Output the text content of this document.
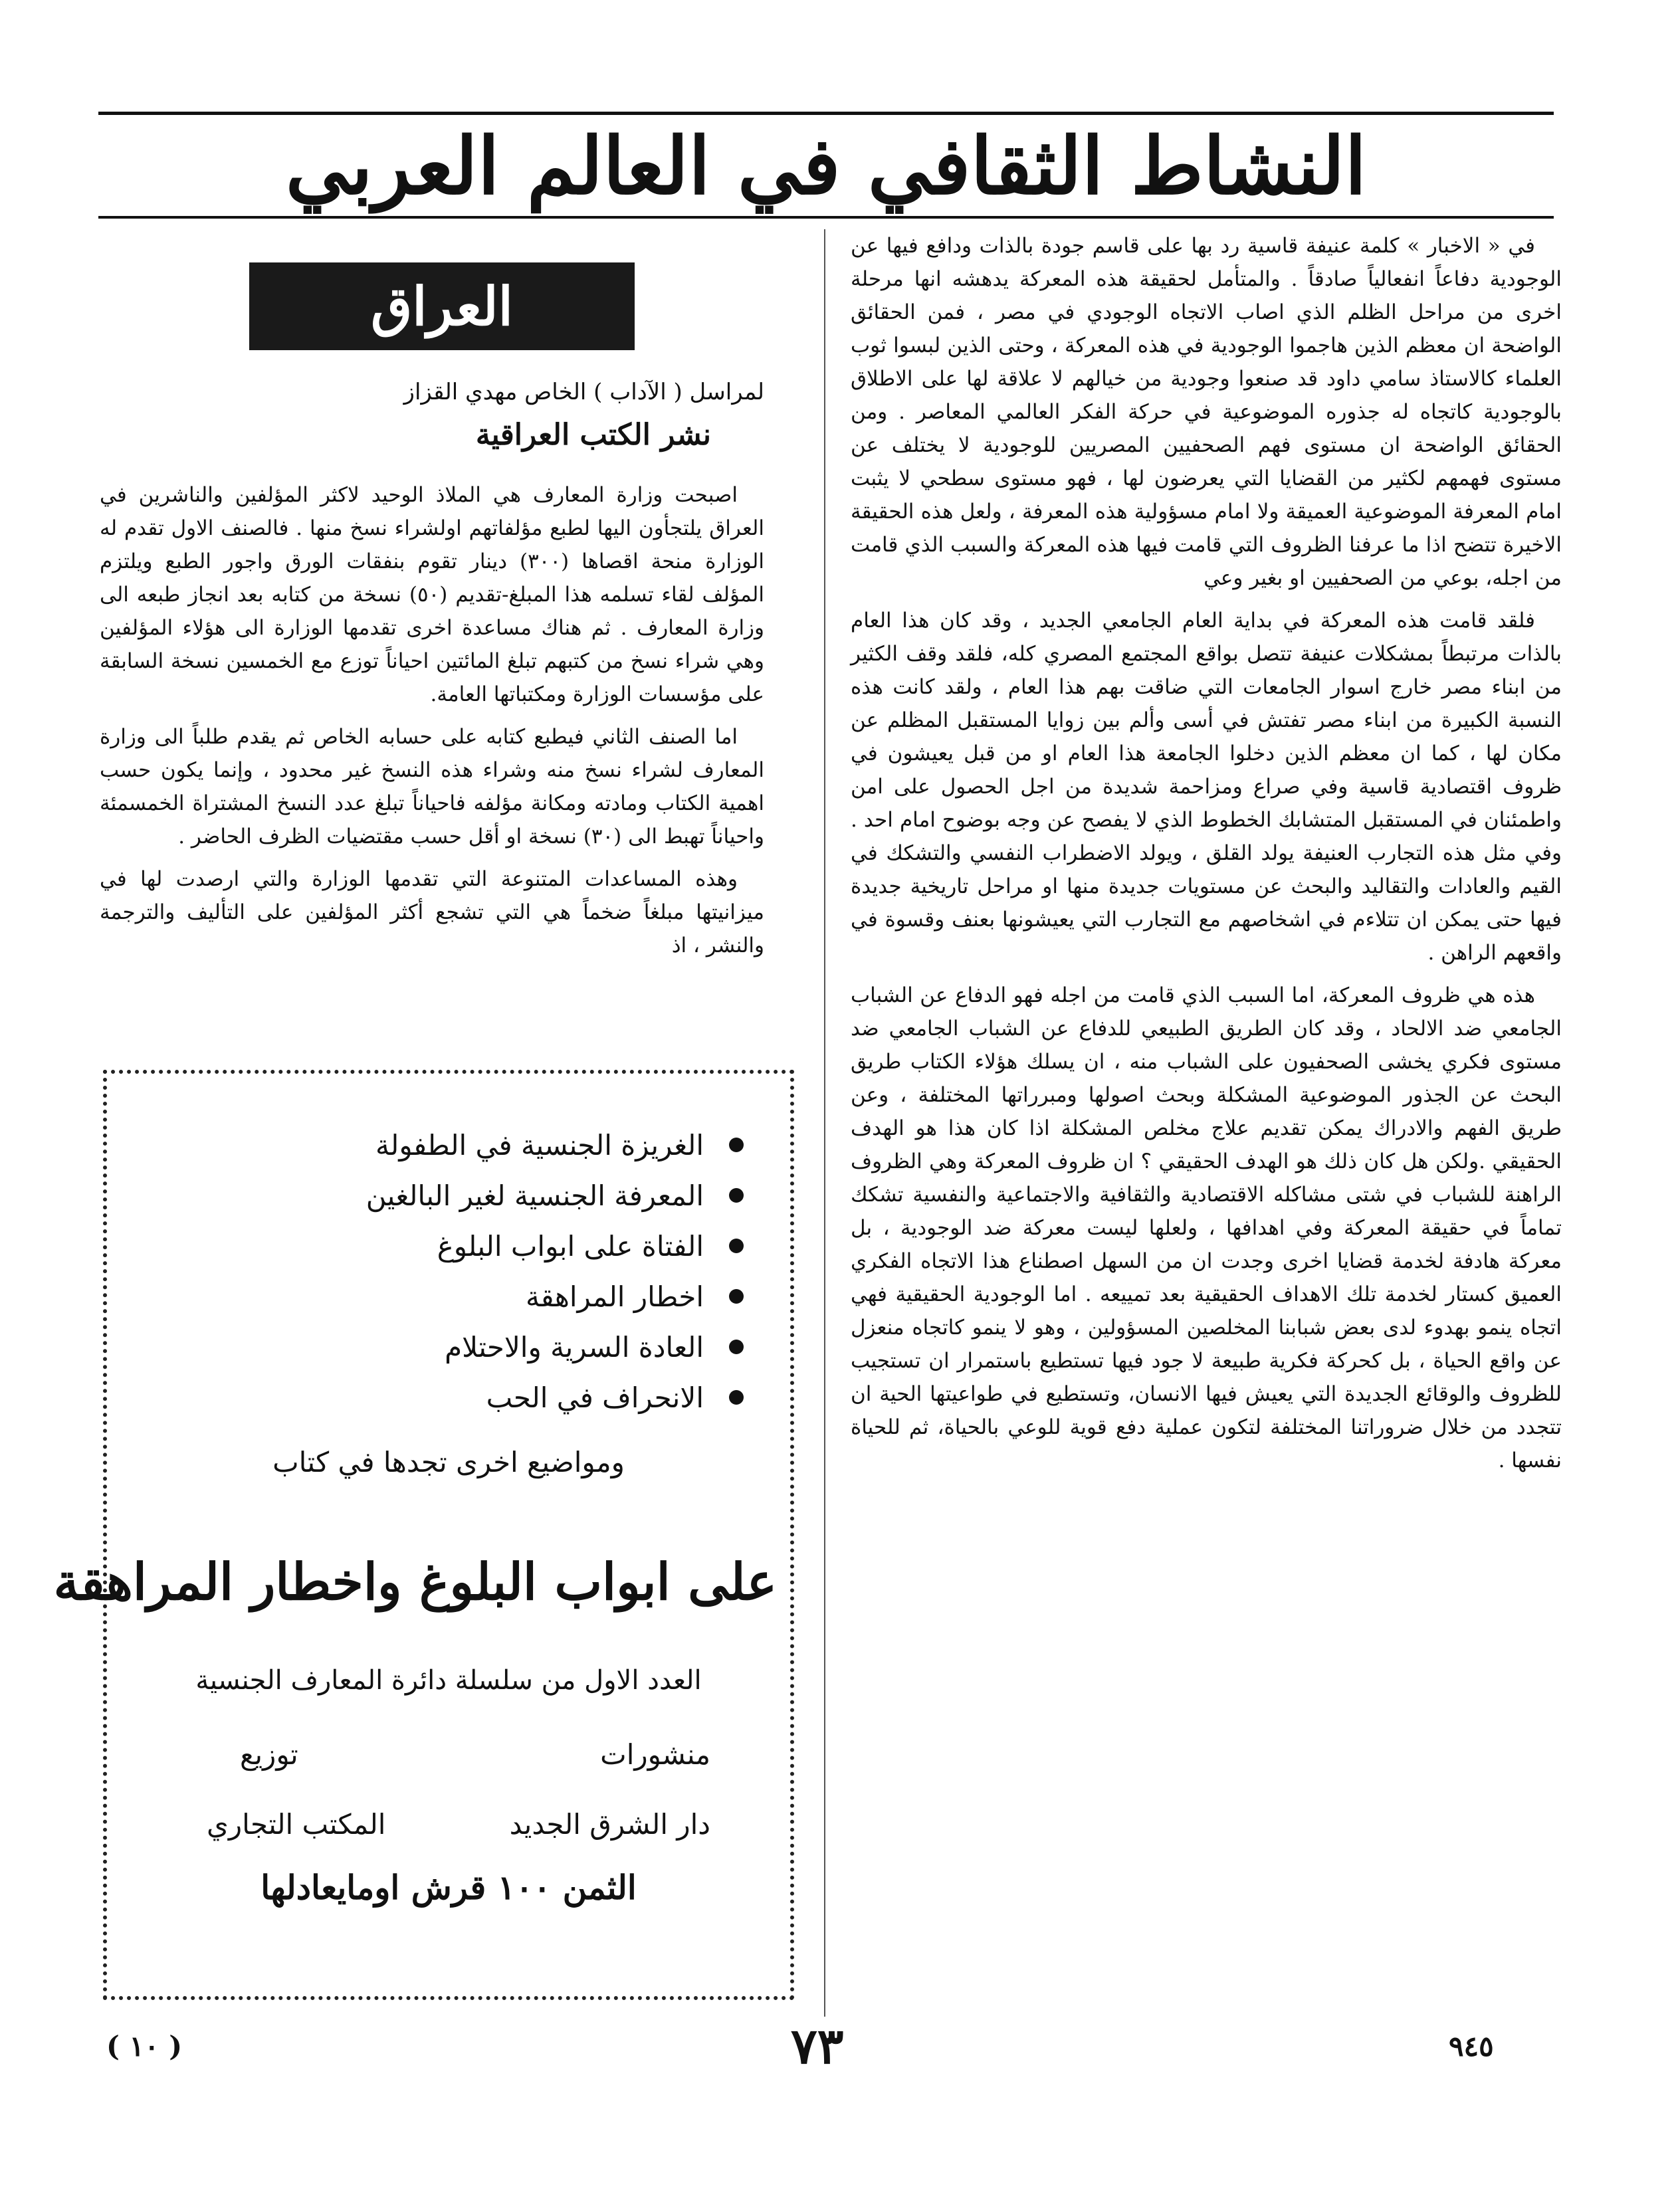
النشاط الثقافي في العالم العربي

في « الاخبار » كلمة عنيفة قاسية رد بها على قاسم جودة بالذات ودافع فيها عن الوجودية دفاعاً انفعالياً صادقاً . والمتأمل لحقيقة هذه المعركة يدهشه انها مرحلة اخرى من مراحل الظلم الذي اصاب الاتجاه الوجودي في مصر ، فمن الحقائق الواضحة ان معظم الذين هاجموا الوجودية في هذه المعركة ، وحتى الذين لبسوا ثوب العلماء كالاستاذ سامي داود قد صنعوا وجودية من خيالهم لا علاقة لها على الاطلاق بالوجودية كاتجاه له جذوره الموضوعية في حركة الفكر العالمي المعاصر . ومن الحقائق الواضحة ان مستوى فهم الصحفيين المصريين للوجودية لا يختلف عن مستوى فهمهم لكثير من القضايا التي يعرضون لها ، فهو مستوى سطحي لا يثبت امام المعرفة الموضوعية العميقة ولا امام مسؤولية هذه المعرفة ، ولعل هذه الحقيقة الاخيرة تتضح اذا ما عرفنا الظروف التي قامت فيها هذه المعركة والسبب الذي قامت من اجله، بوعي من الصحفيين او بغير وعي

فلقد قامت هذه المعركة في بداية العام الجامعي الجديد ، وقد كان هذا العام بالذات مرتبطاً بمشكلات عنيفة تتصل بواقع المجتمع المصري كله، فلقد وقف الكثير من ابناء مصر خارج اسوار الجامعات التي ضاقت بهم هذا العام ، ولقد كانت هذه النسبة الكبيرة من ابناء مصر تفتش في أسى وألم بين زوايا المستقبل المظلم عن مكان لها ، كما ان معظم الذين دخلوا الجامعة هذا العام او من قبل يعيشون في ظروف اقتصادية قاسية وفي صراع ومزاحمة شديدة من اجل الحصول على امن واطمئنان في المستقبل المتشابك الخطوط الذي لا يفصح عن وجه بوضوح امام احد . وفي مثل هذه التجارب العنيفة يولد القلق ، ويولد الاضطراب النفسي والتشكك في القيم والعادات والتقاليد والبحث عن مستويات جديدة منها او مراحل تاريخية جديدة فيها حتى يمكن ان تتلاءم في اشخاصهم مع التجارب التي يعيشونها بعنف وقسوة في واقعهم الراهن .

هذه هي ظروف المعركة، اما السبب الذي قامت من اجله فهو الدفاع عن الشباب الجامعي ضد الالحاد ، وقد كان الطريق الطبيعي للدفاع عن الشباب الجامعي ضد مستوى فكري يخشى الصحفيون على الشباب منه ، ان يسلك هؤلاء الكتاب طريق البحث عن الجذور الموضوعية المشكلة وبحث اصولها ومبرراتها المختلفة ، وعن طريق الفهم والادراك يمكن تقديم علاج مخلص المشكلة اذا كان هذا هو الهدف الحقيقي .ولكن هل كان ذلك هو الهدف الحقيقي ؟ ان ظروف المعركة وهي الظروف الراهنة للشباب في شتى مشاكله الاقتصادية والثقافية والاجتماعية والنفسية تشكك تماماً في حقيقة المعركة وفي اهدافها ، ولعلها ليست معركة ضد الوجودية ، بل معركة هادفة لخدمة قضايا اخرى وجدت ان من السهل اصطناع هذا الاتجاه الفكري العميق كستار لخدمة تلك الاهداف الحقيقية بعد تمييعه . اما الوجودية الحقيقية فهي اتجاه ينمو بهدوء لدى بعض شبابنا المخلصين المسؤولين ، وهو لا ينمو كاتجاه منعزل عن واقع الحياة ، بل كحركة فكرية طبيعة لا جود فيها تستطيع باستمرار ان تستجيب للظروف والوقائع الجديدة التي يعيش فيها الانسان، وتستطيع في طواعيتها الحية ان تتجدد من خلال ضروراتنا المختلفة لتكون عملية دفع قوية للوعي بالحياة، ثم للحياة نفسها .

العراق
لمراسل ( الآداب ) الخاص مهدي القزاز
نشر الكتب العراقية

اصبحت وزارة المعارف هي الملاذ الوحيد لاكثر المؤلفين والناشرين في العراق يلتجأون اليها لطبع مؤلفاتهم اولشراء نسخ منها . فالصنف الاول تقدم له الوزارة منحة اقصاها (٣٠٠) دينار تقوم بنفقات الورق واجور الطبع ويلتزم المؤلف لقاء تسلمه هذا المبلغ-تقديم (٥٠) نسخة من كتابه بعد انجاز طبعه الى وزارة المعارف . ثم هناك مساعدة اخرى تقدمها الوزارة الى هؤلاء المؤلفين وهي شراء نسخ من كتبهم تبلغ المائتين احياناً توزع مع الخمسين نسخة السابقة على مؤسسات الوزارة ومكتباتها العامة.

اما الصنف الثاني فيطبع كتابه على حسابه الخاص ثم يقدم طلباً الى وزارة المعارف لشراء نسخ منه وشراء هذه النسخ غير محدود ، وإنما يكون حسب اهمية الكتاب ومادته ومكانة مؤلفه فاحياناً تبلغ عدد النسخ المشتراة الخمسمئة واحياناً تهبط الى (٣٠) نسخة او أقل حسب مقتضيات الظرف الحاضر .

وهذه المساعدات المتنوعة التي تقدمها الوزارة والتي ارصدت لها في ميزانيتها مبلغاً ضخماً هي التي تشجع أكثر المؤلفين على التأليف والترجمة والنشر ، اذ

الغريزة الجنسية في الطفولة
المعرفة الجنسية لغير البالغين
الفتاة على ابواب البلوغ
اخطار المراهقة
العادة السرية والاحتلام
الانحراف في الحب
ومواضيع اخرى تجدها في كتاب
على ابواب البلوغ واخطار المراهقة
العدد الاول من سلسلة دائرة المعارف الجنسية
منشورات
توزيع
دار الشرق الجديد
المكتب التجاري
الثمن ١٠٠ قرش اومايعادلها
( ١٠ )	٧٣	٩٤٥
